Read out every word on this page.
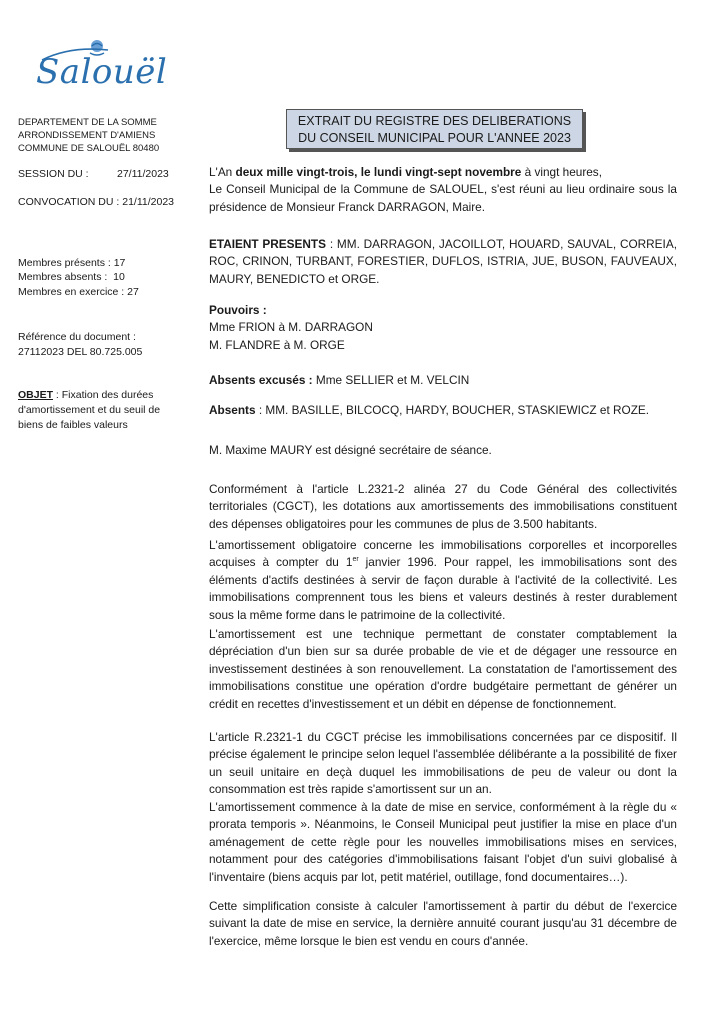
Salouël
DEPARTEMENT DE LA SOMME
ARRONDISSEMENT D'AMIENS
COMMUNE DE SALOUËL 80480
EXTRAIT DU REGISTRE DES DELIBERATIONS
DU CONSEIL MUNICIPAL POUR L'ANNEE 2023
SESSION DU :	27/11/2023
CONVOCATION DU : 21/11/2023
Membres présents : 17
Membres absents :  10
Membres en exercice : 27
Référence du document :
27112023 DEL 80.725.005
OBJET : Fixation des durées
d'amortissement et du seuil de
biens de faibles valeurs

L'An deux mille vingt-trois, le lundi vingt-sept novembre à vingt heures,

Le Conseil Municipal de la Commune de SALOUEL, s'est réuni au lieu ordinaire sous la présidence de Monsieur Franck DARRAGON, Maire.

ETAIENT PRESENTS : MM. DARRAGON, JACOILLOT, HOUARD, SAUVAL, CORREIA, ROC, CRINON, TURBANT, FORESTIER, DUFLOS, ISTRIA, JUE, BUSON, FAUVEAUX, MAURY, BENEDICTO et ORGE.

Pouvoirs :
Mme FRION à M. DARRAGON
M. FLANDRE à M. ORGE
Absents excusés : Mme SELLIER et M. VELCIN
Absents : MM. BASILLE, BILCOCQ, HARDY, BOUCHER, STASKIEWICZ et ROZE.
M. Maxime MAURY est désigné secrétaire de séance.

Conformément à l'article L.2321-2 alinéa 27 du Code Général des collectivités territoriales (CGCT), les dotations aux amortissements des immobilisations constituent des dépenses obligatoires pour les communes de plus de 3.500 habitants.

L'amortissement obligatoire concerne les immobilisations corporelles et incorporelles acquises à compter du 1er janvier 1996. Pour rappel, les immobilisations sont des éléments d'actifs destinées à servir de façon durable à l'activité de la collectivité. Les immobilisations comprennent tous les biens et valeurs destinés à rester durablement sous la même forme dans le patrimoine de la collectivité.

L'amortissement est une technique permettant de constater comptablement la dépréciation d'un bien sur sa durée probable de vie et de dégager une ressource en investissement destinées à son renouvellement. La constatation de l'amortissement des immobilisations constitue une opération d'ordre budgétaire permettant de générer un crédit en recettes d'investissement et un débit en dépense de fonctionnement.

L'article R.2321-1 du CGCT précise les immobilisations concernées par ce dispositif. Il précise également le principe selon lequel l'assemblée délibérante a la possibilité de fixer un seuil unitaire en deçà duquel les immobilisations de peu de valeur ou dont la consommation est très rapide s'amortissent sur un an.

L'amortissement commence à la date de mise en service, conformément à la règle du « prorata temporis ». Néanmoins, le Conseil Municipal peut justifier la mise en place d'un aménagement de cette règle pour les nouvelles immobilisations mises en services, notamment pour des catégories d'immobilisations faisant l'objet d'un suivi globalisé à l'inventaire (biens acquis par lot, petit matériel, outillage, fond documentaires…).

Cette simplification consiste à calculer l'amortissement à partir du début de l'exercice suivant la date de mise en service, la dernière annuité courant jusqu'au 31 décembre de l'exercice, même lorsque le bien est vendu en cours d'année.
